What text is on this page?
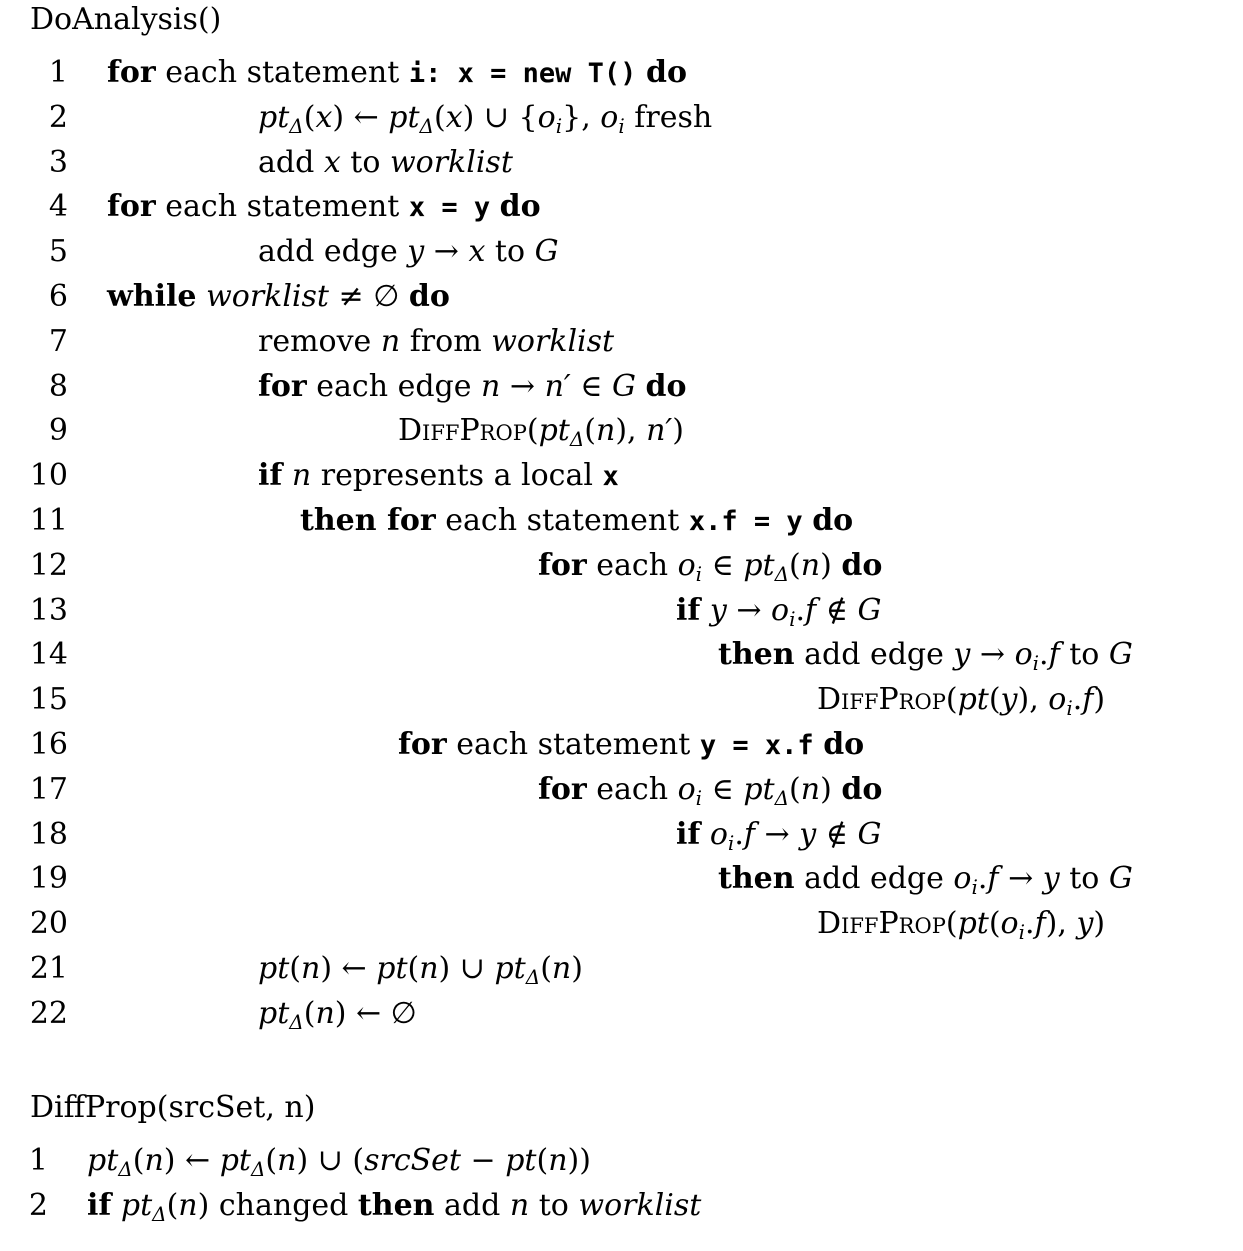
DoAnalysis()
1 for each statement i: x = new T() do
2	$pt_\Delta(x)$ ← $pt_\Delta(x)$ ∪ $\{o_i\}$, $o_i$ fresh
3	add x to worklist
4 for each statement x = y do
5	add edge y → x to G
6 while worklist ≠ ∅ do
7	remove n from worklist
8	for each edge n → n′ ∈ G do
9	$DiffProp(pt_\Delta(n)$, n′)
10	if n represents a local x
11	then for each statement x.f = y do
12	for each $o_i$ ∈ $pt_\Delta(n)$ do
13	if $y \to o_i.f$ ∉ G
14	then add edge $y \to o_i.f$ to G
15	DiffProp(pt(y), $o_i.f$)
16	for each statement y = x.f do
17	for each $o_i$ ∈ $pt_\Delta(n)$ do
18	if $o_i.f \to y$ ∉ G
19	then add edge $o_i.f \to y$ to G
20	$DiffProp(pt(o_i.f)$, y)
21	pt(n) ← pt(n) ∪ $pt_\Delta(n)$
22	$pt_\Delta(n)$ ← ∅
DiffProp(srcSet, n)
1 $pt_\Delta(n)$ ← $pt_\Delta(n)$ ∪ (srcSet − pt(n))
2 if $pt_\Delta(n)$ changed then add n to worklist
